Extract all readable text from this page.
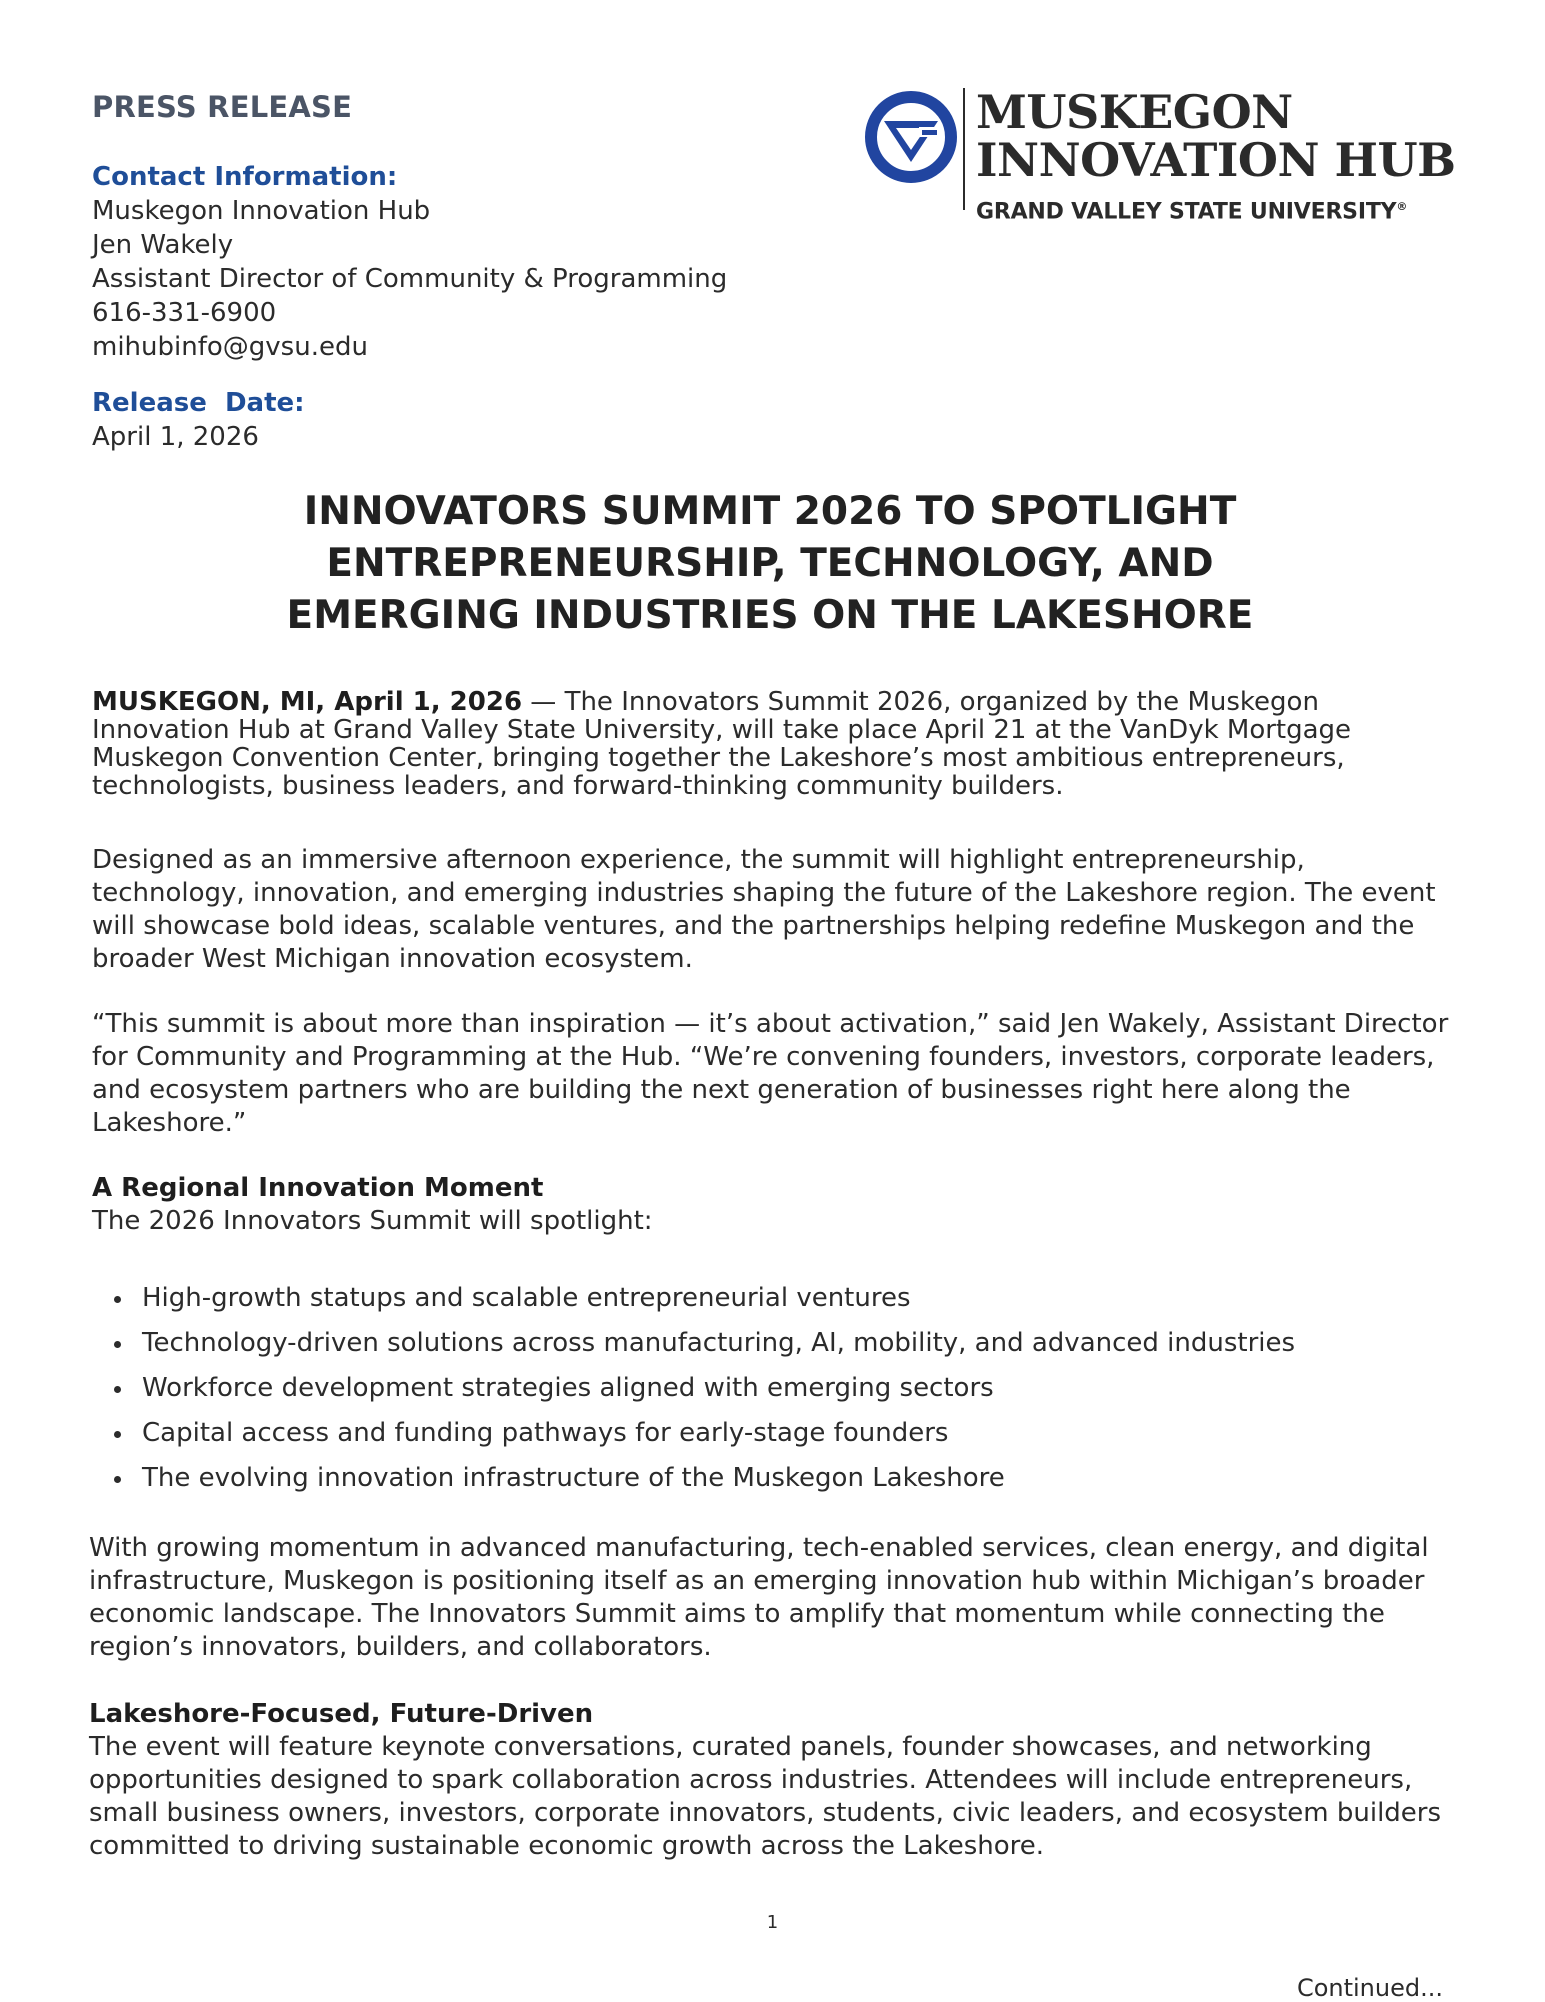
PRESS RELEASE
Contact Information:
Muskegon Innovation Hub
Jen Wakely
Assistant Director of Community & Programming
616-331-6900
mihubinfo@gvsu.edu
Release  Date:
April 1, 2026
MUSKEGON
INNOVATION HUB
GRAND VALLEY STATE UNIVERSITY®
INNOVATORS SUMMIT 2026 TO SPOTLIGHT
ENTREPRENEURSHIP, TECHNOLOGY, AND
EMERGING INDUSTRIES ON THE LAKESHORE
MUSKEGON, MI, April 1, 2026 — The Innovators Summit 2026, organized by the Muskegon Innovation Hub at Grand Valley State University, will take place April 21 at the VanDyk Mortgage Muskegon Convention Center, bringing together the Lakeshore’s most ambitious entrepreneurs, technologists, business leaders, and forward-thinking community builders.
Designed as an immersive afternoon experience, the summit will highlight entrepreneurship, technology, innovation, and emerging industries shaping the future of the Lakeshore region. The event will showcase bold ideas, scalable ventures, and the partnerships helping redefine Muskegon and the broader West Michigan innovation ecosystem.
“This summit is about more than inspiration — it’s about activation,” said Jen Wakely, Assistant Director for Community and Programming at the Hub. “We’re convening founders, investors, corporate leaders, and ecosystem partners who are building the next generation of businesses right here along the Lakeshore.”
A Regional Innovation Moment
The 2026 Innovators Summit will spotlight:
High-growth statups and scalable entrepreneurial ventures
Technology-driven solutions across manufacturing, AI, mobility, and advanced industries
Workforce development strategies aligned with emerging sectors
Capital access and funding pathways for early-stage founders
The evolving innovation infrastructure of the Muskegon Lakeshore
With growing momentum in advanced manufacturing, tech-enabled services, clean energy, and digital infrastructure, Muskegon is positioning itself as an emerging innovation hub within Michigan’s broader economic landscape. The Innovators Summit aims to amplify that momentum while connecting the region’s innovators, builders, and collaborators.
Lakeshore-Focused, Future-Driven
The event will feature keynote conversations, curated panels, founder showcases, and networking opportunities designed to spark collaboration across industries. Attendees will include entrepreneurs, small business owners, investors, corporate innovators, students, civic leaders, and ecosystem builders committed to driving sustainable economic growth across the Lakeshore.
1
Continued...
